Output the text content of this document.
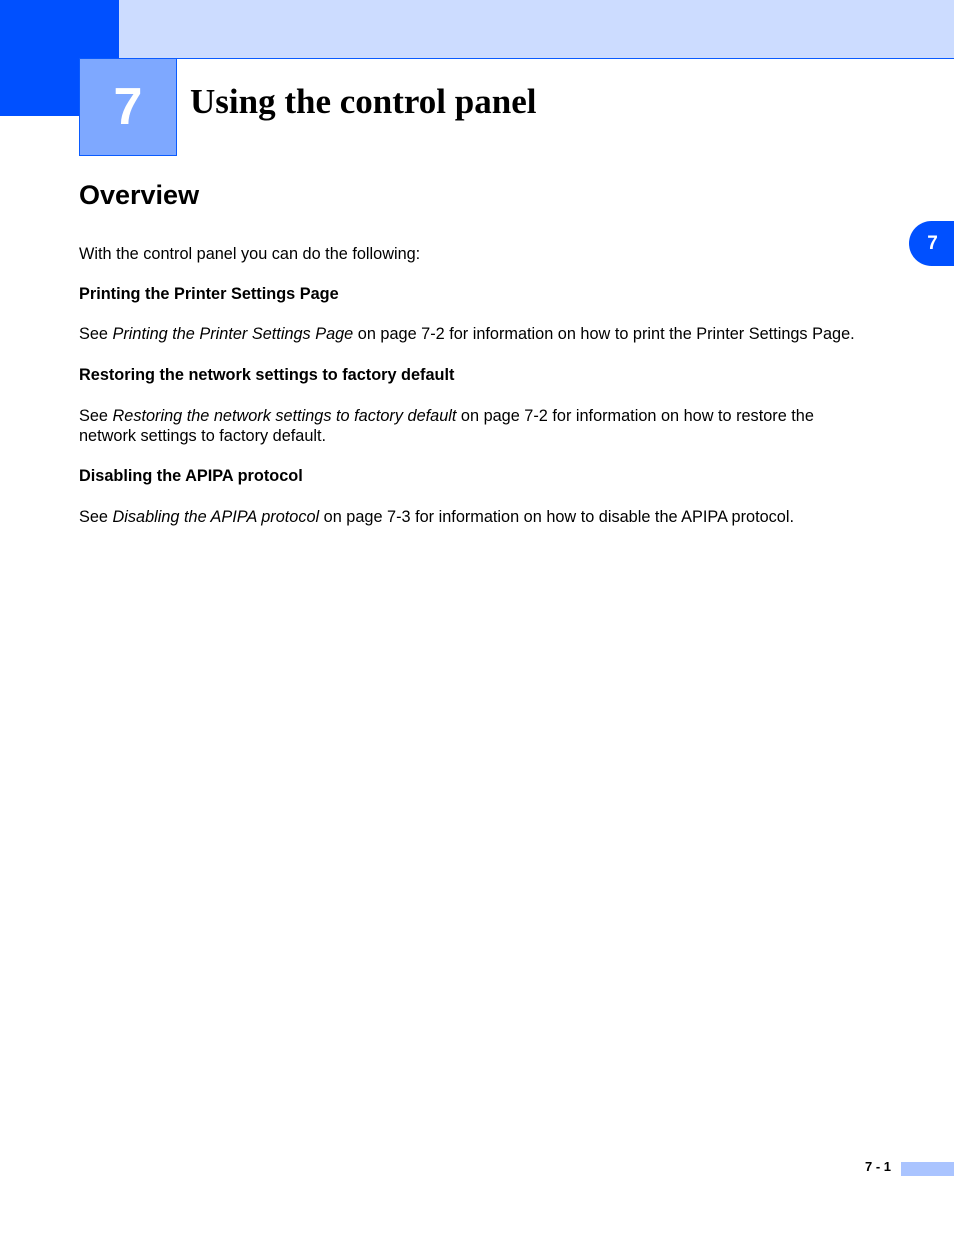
7 Using the control panel
7
Overview

With the control panel you can do the following:

Printing the Printer Settings Page

See Printing the Printer Settings Page on page 7-2 for information on how to print the Printer Settings Page.

Restoring the network settings to factory default

See Restoring the network settings to factory default on page 7-2 for information on how to restore the network settings to factory default.

Disabling the APIPA protocol

See Disabling the APIPA protocol on page 7-3 for information on how to disable the APIPA protocol.

7 - 1
